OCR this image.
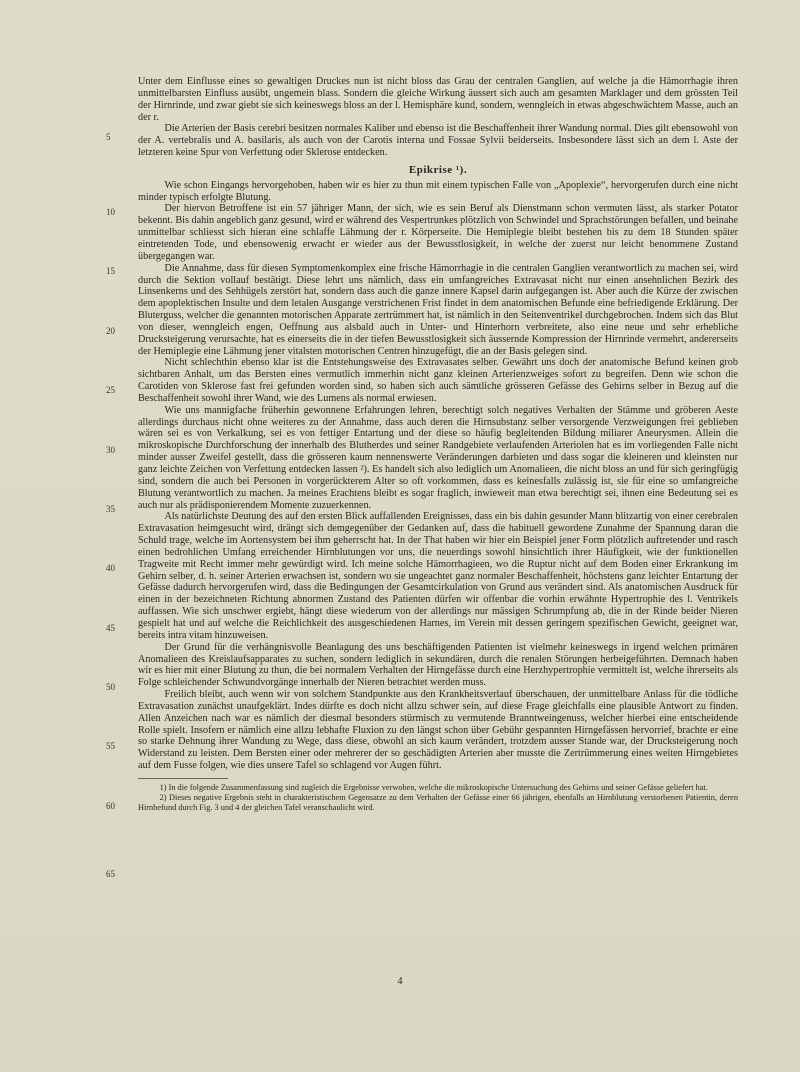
Unter dem Einflusse eines so gewaltigen Druckes nun ist nicht bloss das Grau der centralen Ganglien, auf welche ja die Hämorrhagie ihren unmittelbarsten Einfluss ausübt, ungemein blass. Sondern die gleiche Wirkung äussert sich auch am gesamten Marklager und dem grössten Teil der Hirnrinde, und zwar giebt sie sich keineswegs bloss an der l. Hemisphäre kund, sondern, wenngleich in etwas abgeschwächtem Masse, auch an der r.

Die Arterien der Basis cerebri besitzen normales Kaliber und ebenso ist die Beschaffenheit ihrer Wandung normal. Dies gilt ebensowohl von der A. vertebralis und A. basilaris, als auch von der Carotis interna und Fossae Sylvii beiderseits. Insbesondere lässt sich an dem l. Aste der letzteren keine Spur von Verfettung oder Sklerose entdecken.

Epikrise ¹).

Wie schon Eingangs hervorgehoben, haben wir es hier zu thun mit einem typischen Falle von „Apoplexie“, hervorgerufen durch eine nicht minder typisch erfolgte Blutung.

Der hiervon Betroffene ist ein 57 jähriger Mann, der sich, wie es sein Beruf als Dienstmann schon vermuten lässt, als starker Potator bekennt. Bis dahin angeblich ganz gesund, wird er während des Vespertrunkes plötzlich von Schwindel und Sprachstörungen befallen, und beinahe unmittelbar schliesst sich hieran eine schlaffe Lähmung der r. Körperseite. Die Hemiplegie bleibt bestehen bis zu dem 18 Stunden später eintretenden Tode, und ebensowenig erwacht er wieder aus der Bewusstlosigkeit, in welche der zuerst nur leicht benommene Zustand übergegangen war.

Die Annahme, dass für diesen Symptomenkomplex eine frische Hämorrhagie in die centralen Ganglien verantwortlich zu machen sei, wird durch die Sektion vollauf bestätigt. Diese lehrt uns nämlich, dass ein umfangreiches Extravasat nicht nur einen ansehnlichen Bezirk des Linsenkerns und des Sehhügels zerstört hat, sondern dass auch die ganze innere Kapsel darin aufgegangen ist. Aber auch die Kürze der zwischen dem apoplektischen Insulte und dem letalen Ausgange verstrichenen Frist findet in dem anatomischen Befunde eine befriedigende Erklärung. Der Bluterguss, welcher die genannten motorischen Apparate zertrümmert hat, ist nämlich in den Seitenventrikel durchgebrochen. Indem sich das Blut von dieser, wenngleich engen, Oeffnung aus alsbald auch in Unter- und Hinterhorn verbreitete, also eine neue und sehr erhebliche Drucksteigerung verursachte, hat es einerseits die in der tiefen Bewusstlosigkeit sich äussernde Kompression der Hirnrinde vermehrt, andererseits der Hemiplegie eine Lähmung jener vitalsten motorischen Centren hinzugefügt, die an der Basis gelegen sind.

Nicht schlechthin ebenso klar ist die Entstehungsweise des Extravasates selber. Gewährt uns doch der anatomische Befund keinen grob sichtbaren Anhalt, um das Bersten eines vermutlich immerhin nicht ganz kleinen Arterienzweiges sofort zu begreifen. Denn wie schon die Carotiden von Sklerose fast frei gefunden worden sind, so haben sich auch sämtliche grösseren Gefässe des Gehirns selber in Bezug auf die Beschaffenheit sowohl ihrer Wand, wie des Lumens als normal erwiesen.

Wie uns mannigfache früherhin gewonnene Erfahrungen lehren, berechtigt solch negatives Verhalten der Stämme und gröberen Aeste allerdings durchaus nicht ohne weiteres zu der Annahme, dass auch deren die Hirnsubstanz selber versorgende Verzweigungen frei geblieben wären sei es von Verkalkung, sei es von fettiger Entartung und der diese so häufig begleitenden Bildung miliarer Aneurysmen. Allein die mikroskopische Durchforschung der innerhalb des Blutherdes und seiner Randgebiete verlaufenden Arteriolen hat es im vorliegenden Falle nicht minder ausser Zweifel gestellt, dass die grösseren kaum nennenswerte Veränderungen darbieten und dass sogar die kleineren und kleinsten nur ganz leichte Zeichen von Verfettung entdecken lassen ²). Es handelt sich also lediglich um Anomalieen, die nicht bloss an und für sich geringfügig sind, sondern die auch bei Personen in vorgerückterem Alter so oft vorkommen, dass es keinesfalls zulässig ist, sie für eine so umfangreiche Blutung verantwortlich zu machen. Ja meines Erachtens bleibt es sogar fraglich, inwieweit man etwa berechtigt sei, ihnen eine Bedeutung sei es auch nur als prädisponierendem Momente zuzuerkennen.

Als natürlichste Deutung des auf den ersten Blick auffallenden Ereignisses, dass ein bis dahin gesunder Mann blitzartig von einer cerebralen Extravasation heimgesucht wird, drängt sich demgegenüber der Gedanken auf, dass die habituell gewordene Zunahme der Spannung daran die Schuld trage, welche im Aortensystem bei ihm geherrscht hat. In der That haben wir hier ein Beispiel jener Form plötzlich auftretender und rasch einen bedrohlichen Umfang erreichender Hirnblutungen vor uns, die neuerdings sowohl hinsichtlich ihrer Häufigkeit, wie der funktionellen Tragweite mit Recht immer mehr gewürdigt wird. Ich meine solche Hämorrhagieen, wo die Ruptur nicht auf dem Boden einer Erkrankung im Gehirn selber, d. h. seiner Arterien erwachsen ist, sondern wo sie ungeachtet ganz normaler Beschaffenheit, höchstens ganz leichter Entartung der Gefässe dadurch hervorgerufen wird, dass die Bedingungen der Gesamtcirkulation von Grund aus verändert sind. Als anatomischen Ausdruck für einen in der bezeichneten Richtung abnormen Zustand des Patienten dürfen wir offenbar die vorhin erwähnte Hypertrophie des l. Ventrikels auffassen. Wie sich unschwer ergiebt, hängt diese wiederum von der allerdings nur mässigen Schrumpfung ab, die in der Rinde beider Nieren gespielt hat und auf welche die Reichlichkeit des ausgeschiedenen Harnes, im Verein mit dessen geringem spezifischen Gewicht, geeignet war, bereits intra vitam hinzuweisen.

Der Grund für die verhängnisvolle Beanlagung des uns beschäftigenden Patienten ist vielmehr keineswegs in irgend welchen primären Anomalieen des Kreislaufsapparates zu suchen, sondern lediglich in sekundären, durch die renalen Störungen herbeigeführten. Demnach haben wir es hier mit einer Blutung zu thun, die bei normalem Verhalten der Hirngefässe durch eine Herzhypertrophie vermittelt ist, welche ihrerseits als Folge schleichender Schwundvorgänge innerhalb der Nieren betrachtet werden muss.

Freilich bleibt, auch wenn wir von solchem Standpunkte aus den Krankheitsverlauf überschauen, der unmittelbare Anlass für die tödliche Extravasation zunächst unaufgeklärt. Indes dürfte es doch nicht allzu schwer sein, auf diese Frage gleichfalls eine plausible Antwort zu finden. Allen Anzeichen nach war es nämlich der diesmal besonders stürmisch zu vermutende Branntweingenuss, welcher hierbei eine entscheidende Rolle spielt. Insofern er nämlich eine allzu lebhafte Fluxion zu den längst schon über Gebühr gespannten Hirngefässen hervorrief, brachte er eine so starke Dehnung ihrer Wandung zu Wege, dass diese, obwohl an sich kaum verändert, trotzdem ausser Stande war, der Drucksteigerung noch Widerstand zu leisten. Dem Bersten einer oder mehrerer der so geschädigten Arterien aber musste die Zertrümmerung eines weiten Hirngebietes auf dem Fusse folgen, wie dies unsere Tafel so schlagend vor Augen führt.

1) In die folgende Zusammenfassung sind zugleich die Ergebnisse verwoben, welche die mikroskopische Untersuchung des Gehirns und seiner Gefässe geliefert hat.

2) Dieses negative Ergebnis steht in charakteristischem Gegensatze zu dem Verhalten der Gefässe einer 66 jährigen, ebenfalls an Hirnblutung verstorbenen Patientin, deren Hirnbefund durch Fig. 3 und 4 der gleichen Tafel veranschaulicht wird.

5
10
15
20
25
30
35
40
45
50
55
60
65
4
